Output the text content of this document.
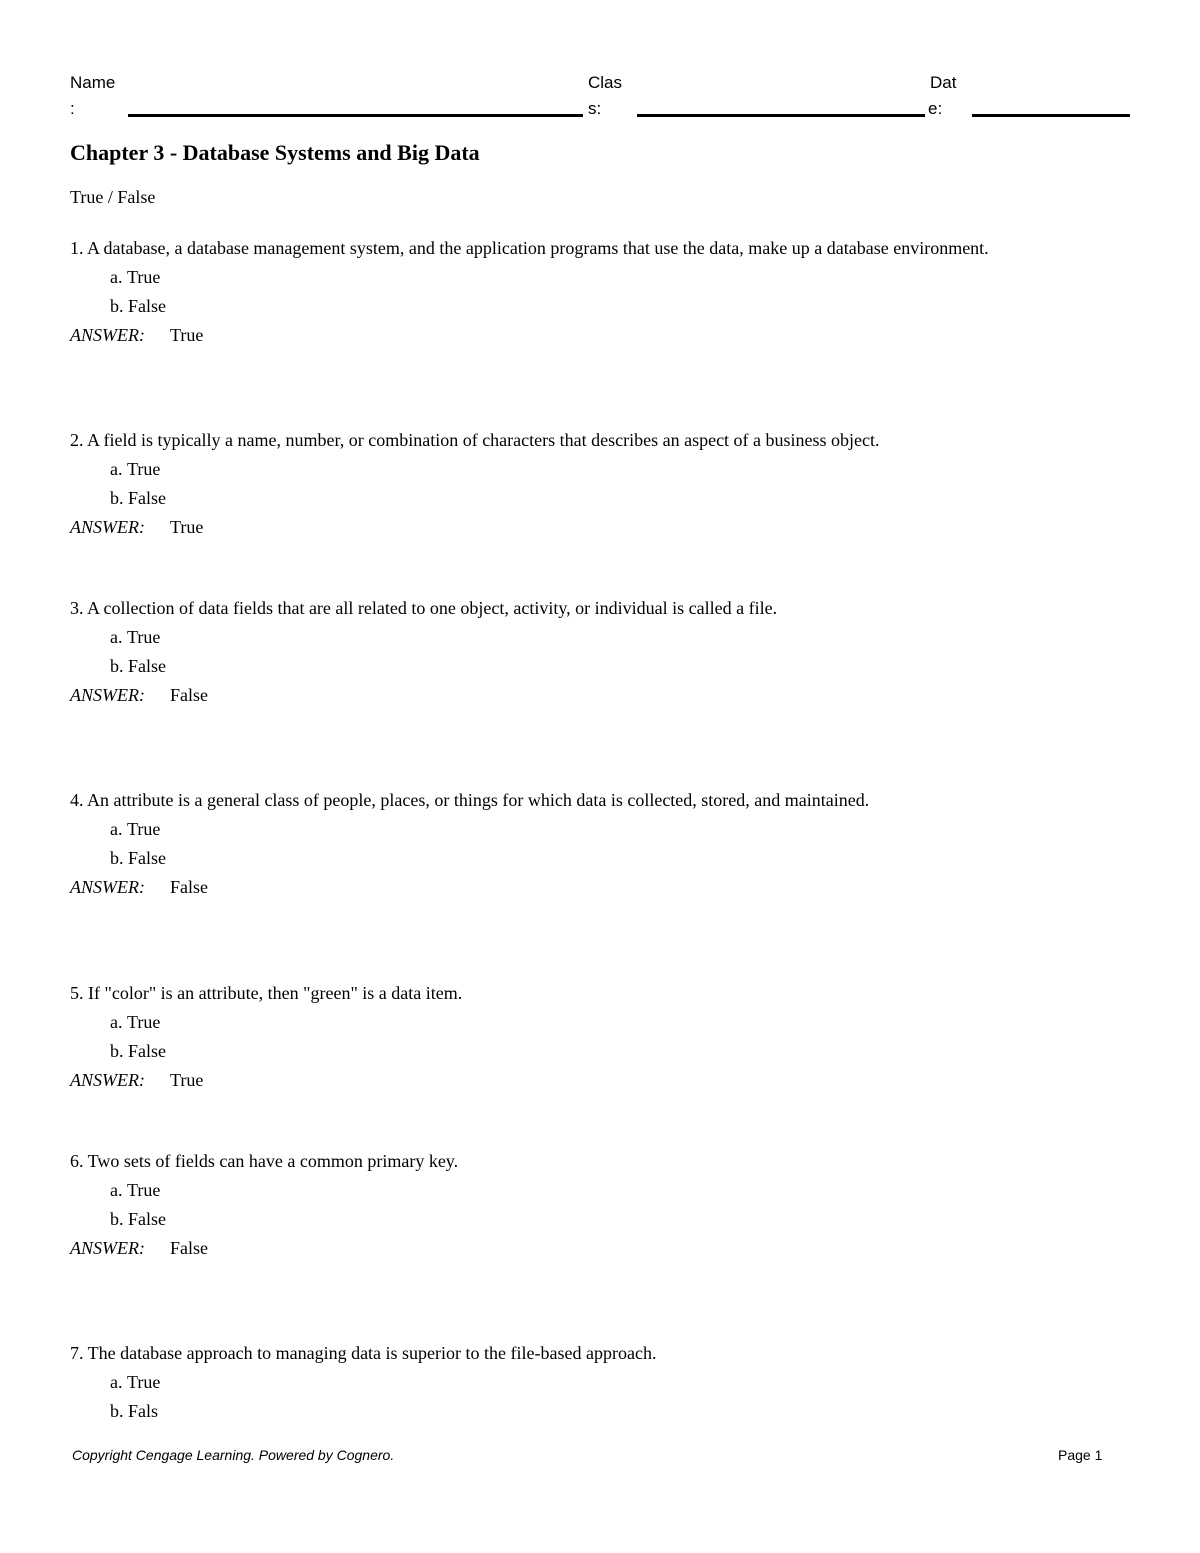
Name
:
Clas
s:
Dat
e:
Chapter 3 - Database Systems and Big Data
True / False
1. A database, a database management system, and the application programs that use the data, make up a database environment.
a. True
b. False
ANSWER: True
2. A field is typically a name, number, or combination of characters that describes an aspect of a business object.
a. True
b. False
ANSWER: True
3. A collection of data fields that are all related to one object, activity, or individual is called a file.
a. True
b. False
ANSWER: False
4. An attribute is a general class of people, places, or things for which data is collected, stored, and maintained.
a. True
b. False
ANSWER: False
5. If "color" is an attribute, then "green" is a data item.
a. True
b. False
ANSWER: True
6. Two sets of fields can have a common primary key.
a. True
b. False
ANSWER: False
7. The database approach to managing data is superior to the file-based approach.
a. True
b. Fals
Copyright Cengage Learning. Powered by Cognero.	Page 1
